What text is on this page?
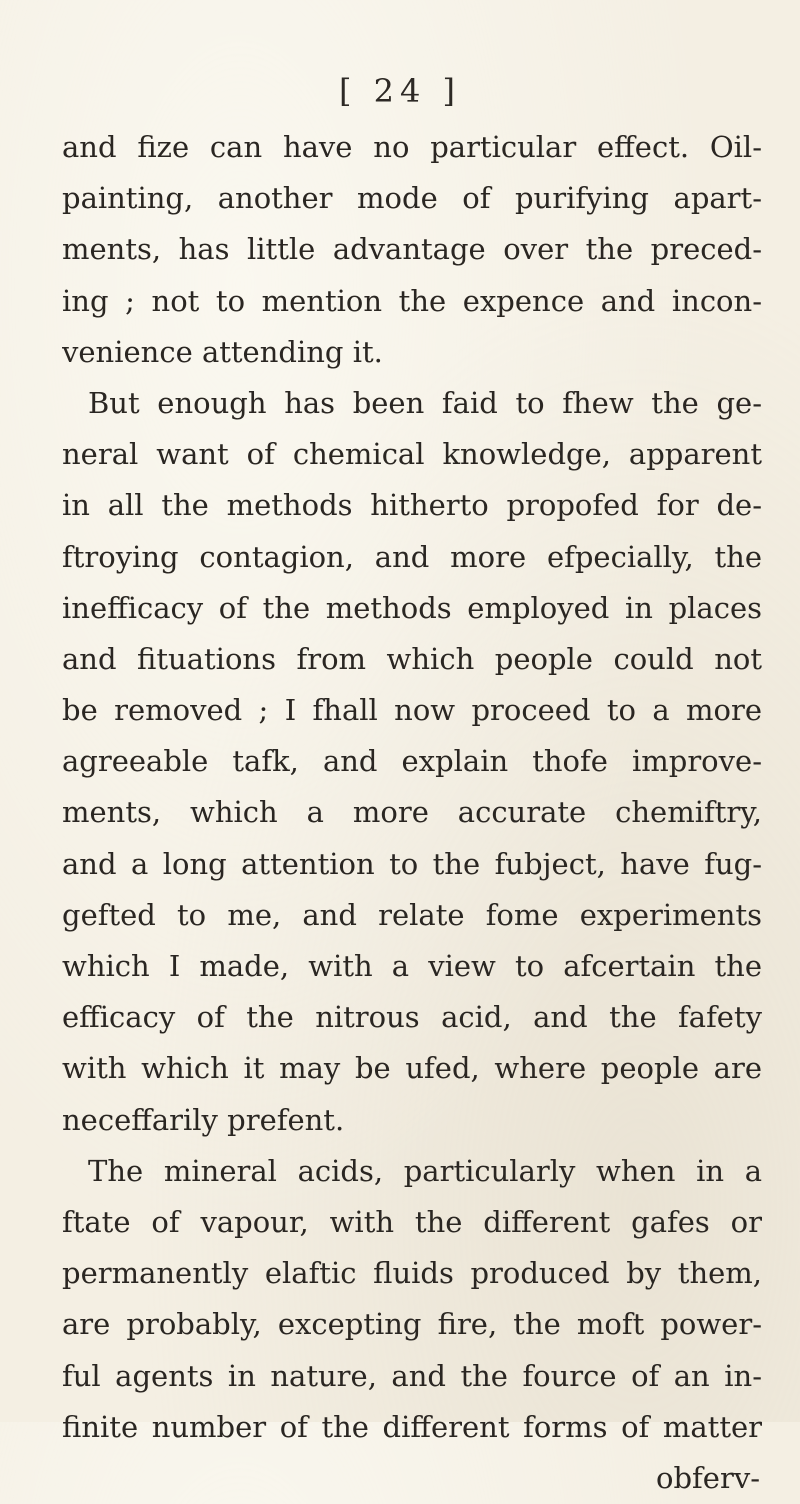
[ 24 ]
and fize can have no particular effect. Oil-
painting, another mode of purifying apart-
ments, has little advantage over the preced-
ing ; not to mention the expence and incon-
venience attending it.
But enough has been faid to fhew the ge-
neral want of chemical knowledge, apparent
in all the methods hitherto propofed for de-
ftroying contagion, and more efpecially, the
inefficacy of the methods employed in places
and fituations from which people could not
be removed ; I fhall now proceed to a more
agreeable tafk, and explain thofe improve-
ments, which a more accurate chemiftry,
and a long attention to the fubject, have fug-
gefted to me, and relate fome experiments
which I made, with a view to afcertain the
efficacy of the nitrous acid, and the fafety
with which it may be ufed, where people are
neceffarily prefent.
The mineral acids, particularly when in a
ftate of vapour, with the different gafes or
permanently elaftic fluids produced by them,
are probably, excepting fire, the moft power-
ful agents in nature, and the fource of an in-
finite number of the different forms of matter
obferv-
